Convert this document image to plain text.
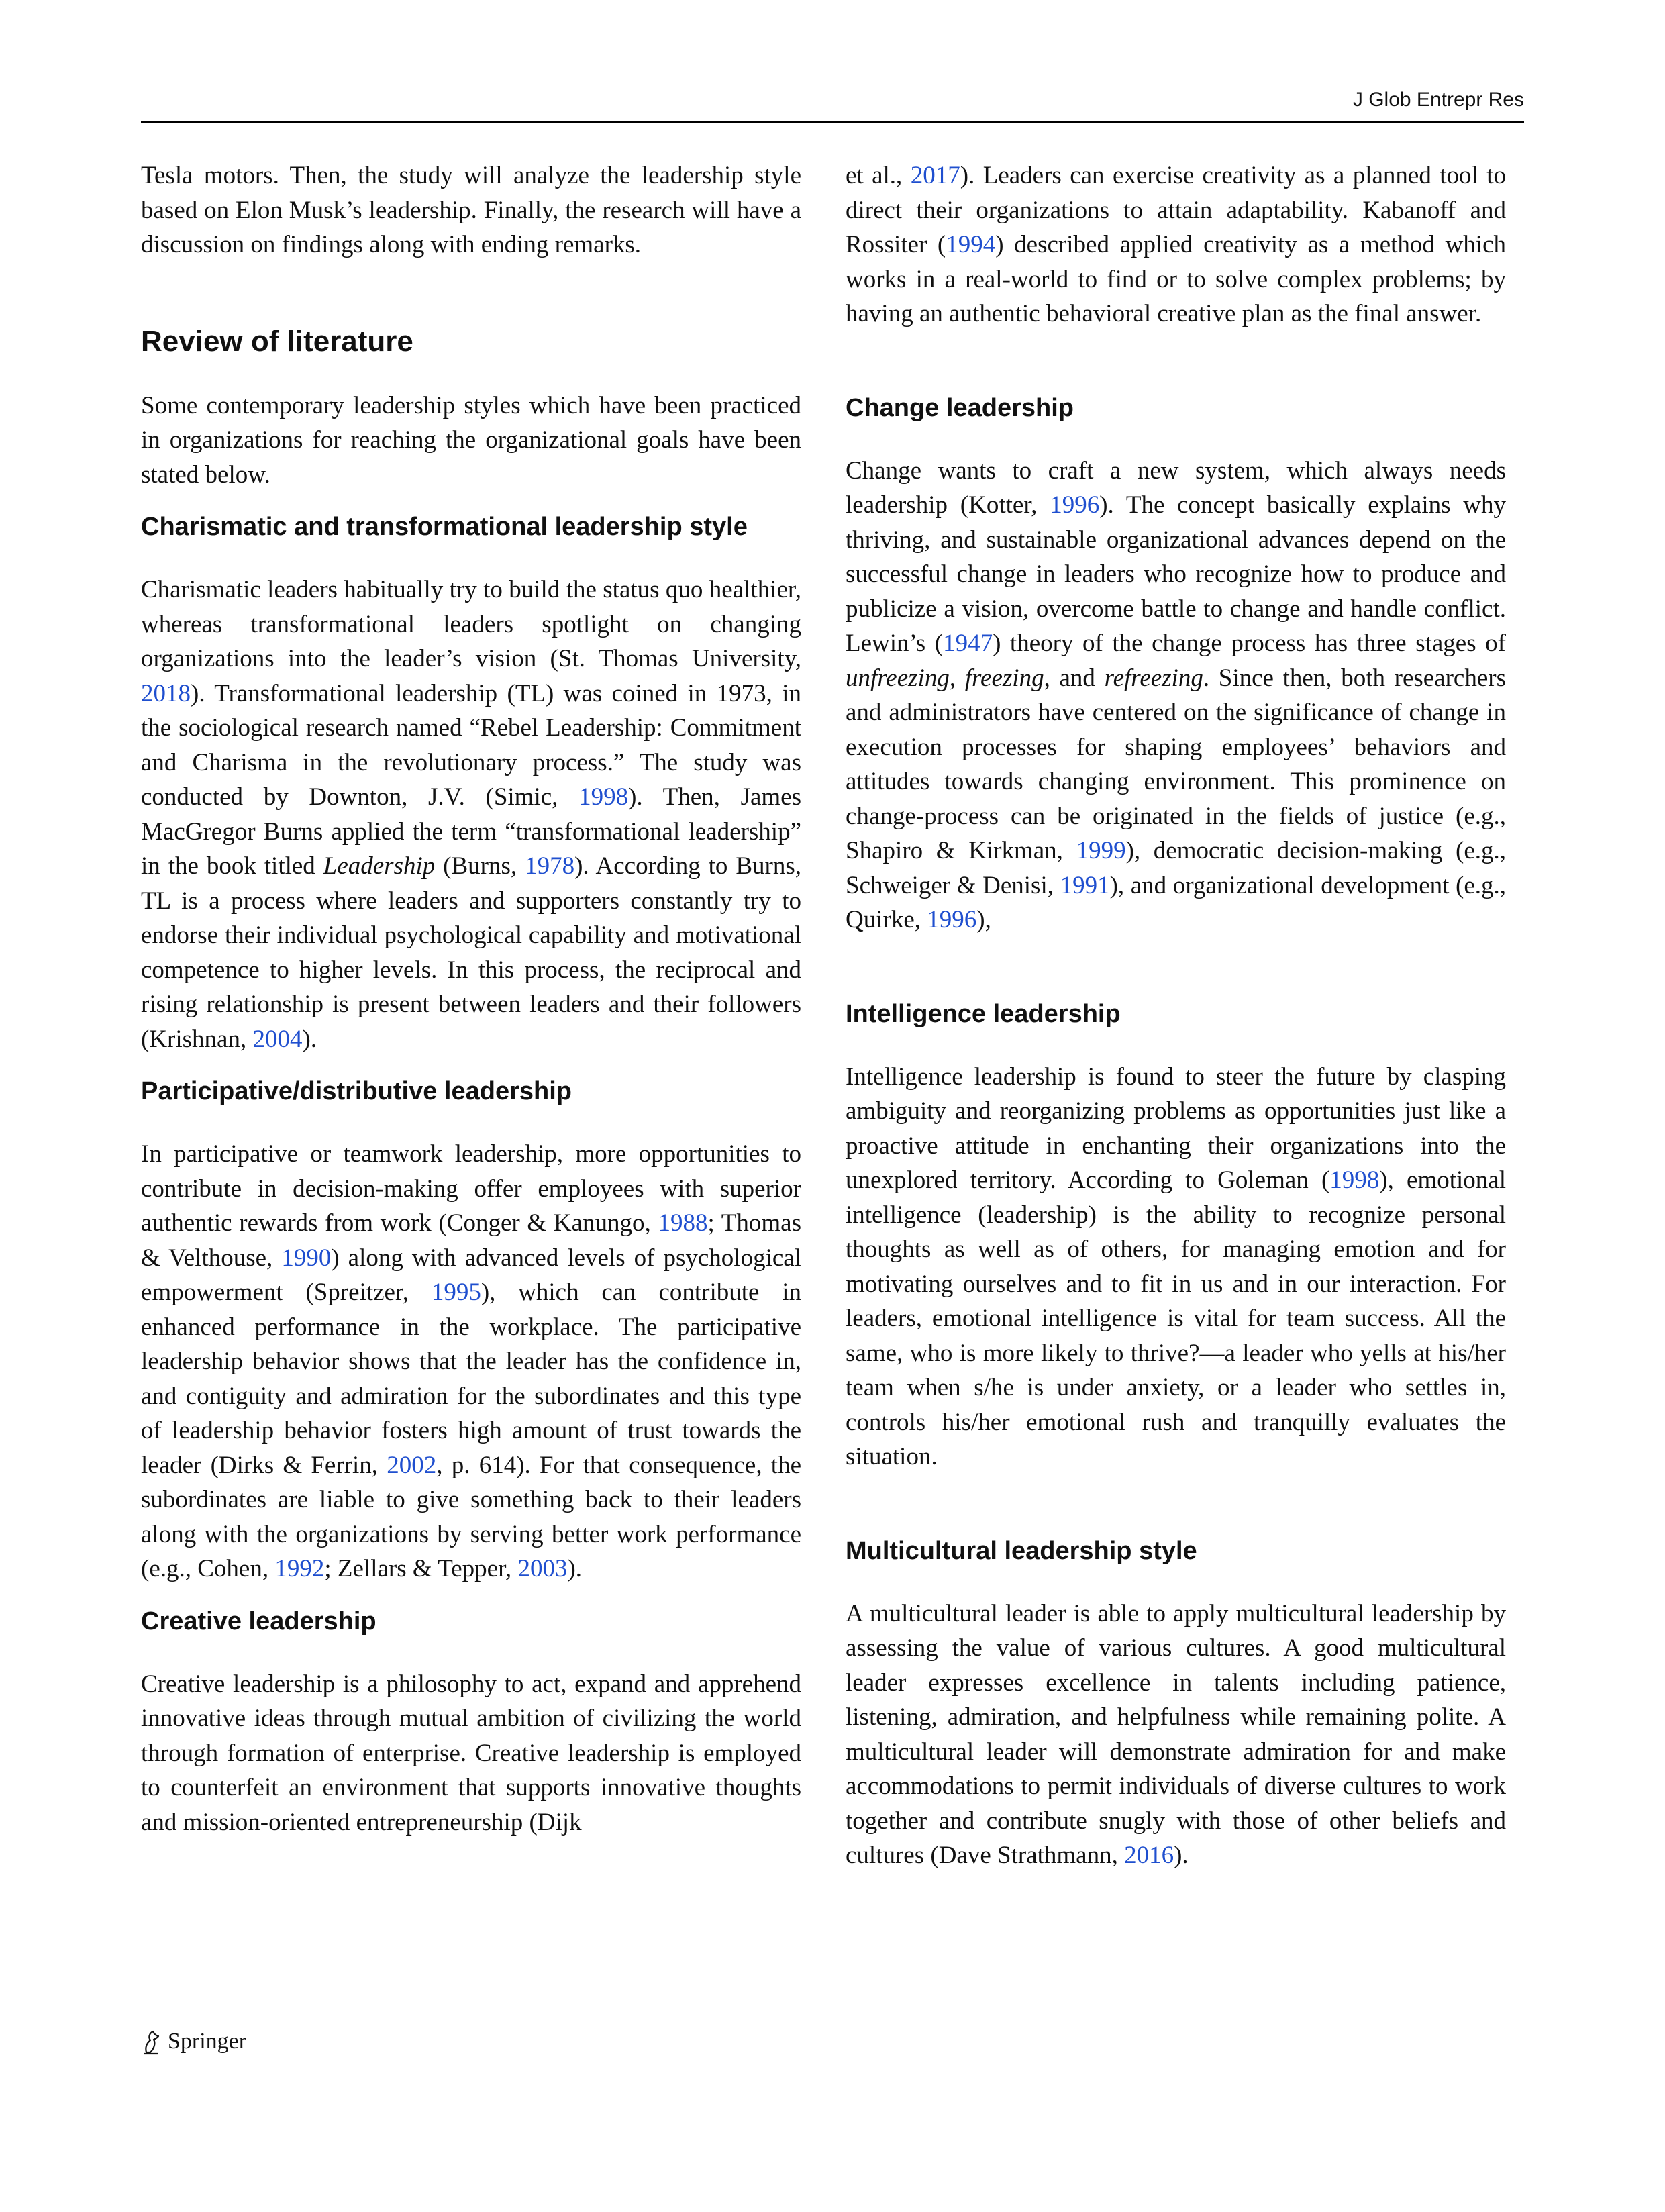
J Glob Entrepr Res

Tesla motors. Then, the study will analyze the leadership style based on Elon Musk’s leadership. Finally, the research will have a discussion on findings along with ending remarks.

Review of literature

Some contemporary leadership styles which have been practiced in organizations for reaching the organizational goals have been stated below.

Charismatic and transformational leadership style

Charismatic leaders habitually try to build the status quo healthier, whereas transformational leaders spotlight on changing organizations into the leader’s vision (St. Thomas University, 2018). Transformational leadership (TL) was coined in 1973, in the sociological research named “Rebel Leadership: Commitment and Charisma in the revolutionary process.” The study was conducted by Downton, J.V. (Simic, 1998). Then, James MacGregor Burns applied the term “transformational leadership” in the book titled Leadership (Burns, 1978). According to Burns, TL is a process where leaders and supporters constantly try to endorse their individual psychological capability and motivational competence to higher levels. In this process, the reciprocal and rising relationship is present between leaders and their followers (Krishnan, 2004).

Participative/distributive leadership

In participative or teamwork leadership, more opportunities to contribute in decision-making offer employees with superior authentic rewards from work (Conger & Kanungo, 1988; Thomas & Velthouse, 1990) along with advanced levels of psychological empowerment (Spreitzer, 1995), which can contribute in enhanced performance in the workplace. The participative leadership behavior shows that the leader has the confidence in, and contiguity and admiration for the subordinates and this type of leadership behavior fosters high amount of trust towards the leader (Dirks & Ferrin, 2002, p. 614). For that consequence, the subordinates are liable to give something back to their leaders along with the organizations by serving better work performance (e.g., Cohen, 1992; Zellars & Tepper, 2003).

Creative leadership

Creative leadership is a philosophy to act, expand and apprehend innovative ideas through mutual ambition of civilizing the world through formation of enterprise. Creative leadership is employed to counterfeit an environment that supports innovative thoughts and mission-oriented entrepreneurship (Dijk

et al., 2017). Leaders can exercise creativity as a planned tool to direct their organizations to attain adaptability. Kabanoff and Rossiter (1994) described applied creativity as a method which works in a real-world to find or to solve complex problems; by having an authentic behavioral creative plan as the final answer.

Change leadership

Change wants to craft a new system, which always needs leadership (Kotter, 1996). The concept basically explains why thriving, and sustainable organizational advances depend on the successful change in leaders who recognize how to produce and publicize a vision, overcome battle to change and handle conflict. Lewin’s (1947) theory of the change process has three stages of unfreezing, freezing, and refreezing. Since then, both researchers and administrators have centered on the significance of change in execution processes for shaping employees’ behaviors and attitudes towards changing environment. This prominence on change-process can be originated in the fields of justice (e.g., Shapiro & Kirkman, 1999), democratic decision-making (e.g., Schweiger & Denisi, 1991), and organizational development (e.g., Quirke, 1996),

Intelligence leadership

Intelligence leadership is found to steer the future by clasping ambiguity and reorganizing problems as opportunities just like a proactive attitude in enchanting their organizations into the unexplored territory. According to Goleman (1998), emotional intelligence (leadership) is the ability to recognize personal thoughts as well as of others, for managing emotion and for motivating ourselves and to fit in us and in our interaction. For leaders, emotional intelligence is vital for team success. All the same, who is more likely to thrive?—a leader who yells at his/her team when s/he is under anxiety, or a leader who settles in, controls his/her emotional rush and tranquilly evaluates the situation.

Multicultural leadership style

A multicultural leader is able to apply multicultural leadership by assessing the value of various cultures. A good multicultural leader expresses excellence in talents including patience, listening, admiration, and helpfulness while remaining polite. A multicultural leader will demonstrate admiration for and make accommodations to permit individuals of diverse cultures to work together and contribute snugly with those of other beliefs and cultures (Dave Strathmann, 2016).

Springer
